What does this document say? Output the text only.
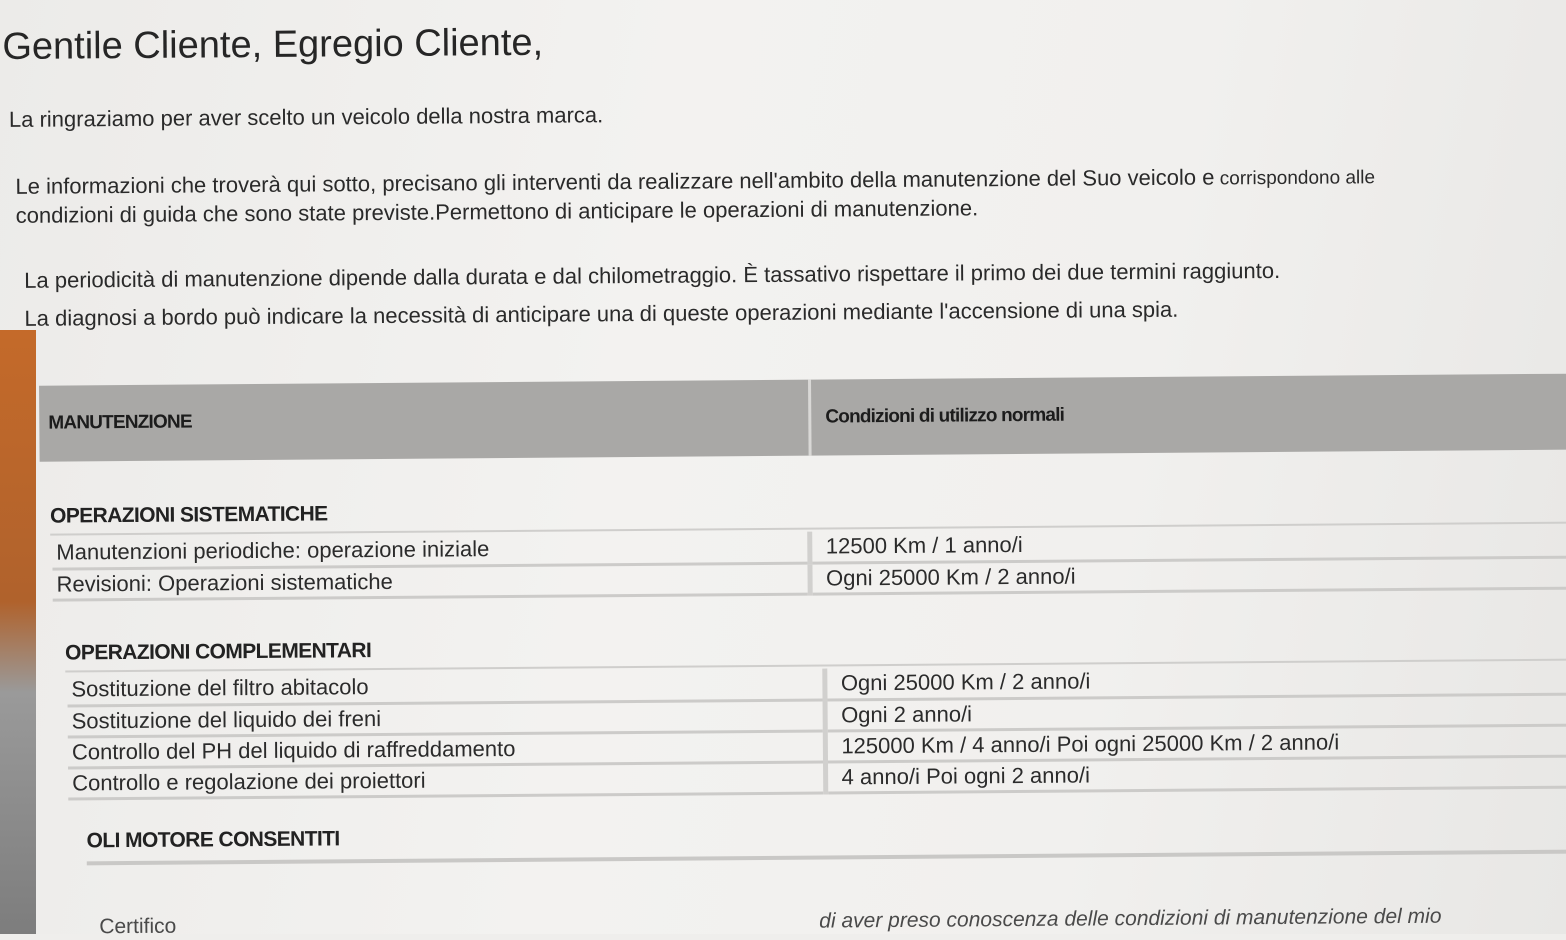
Gentile Cliente, Egregio Cliente,
La ringraziamo per aver scelto un veicolo della nostra marca.
Le informazioni che troverà qui sotto, precisano gli interventi da realizzare nell'ambito della manutenzione del Suo veicolo e corrispondono alle
condizioni di guida che sono state previste.Permettono di anticipare le operazioni di manutenzione.
La periodicità di manutenzione dipende dalla durata e dal chilometraggio. È tassativo rispettare il primo dei due termini raggiunto.
La diagnosi a bordo può indicare la necessità di anticipare una di queste operazioni mediante l'accensione di una spia.
MANUTENZIONE	Condizioni di utilizzo normali
OPERAZIONI SISTEMATICHE
Manutenzioni periodiche: operazione iniziale	12500 Km / 1 anno/i
Revisioni: Operazioni sistematiche	Ogni 25000 Km / 2 anno/i
OPERAZIONI COMPLEMENTARI
Sostituzione del filtro abitacolo	Ogni 25000 Km / 2 anno/i
Sostituzione del liquido dei freni	Ogni 2 anno/i
Controllo del PH del liquido di raffreddamento	125000 Km / 4 anno/i Poi ogni 25000 Km / 2 anno/i
Controllo e regolazione dei proiettori	4 anno/i Poi ogni 2 anno/i
OLI MOTORE CONSENTITI
Certifico	di aver preso conoscenza delle condizioni di manutenzione del mio
